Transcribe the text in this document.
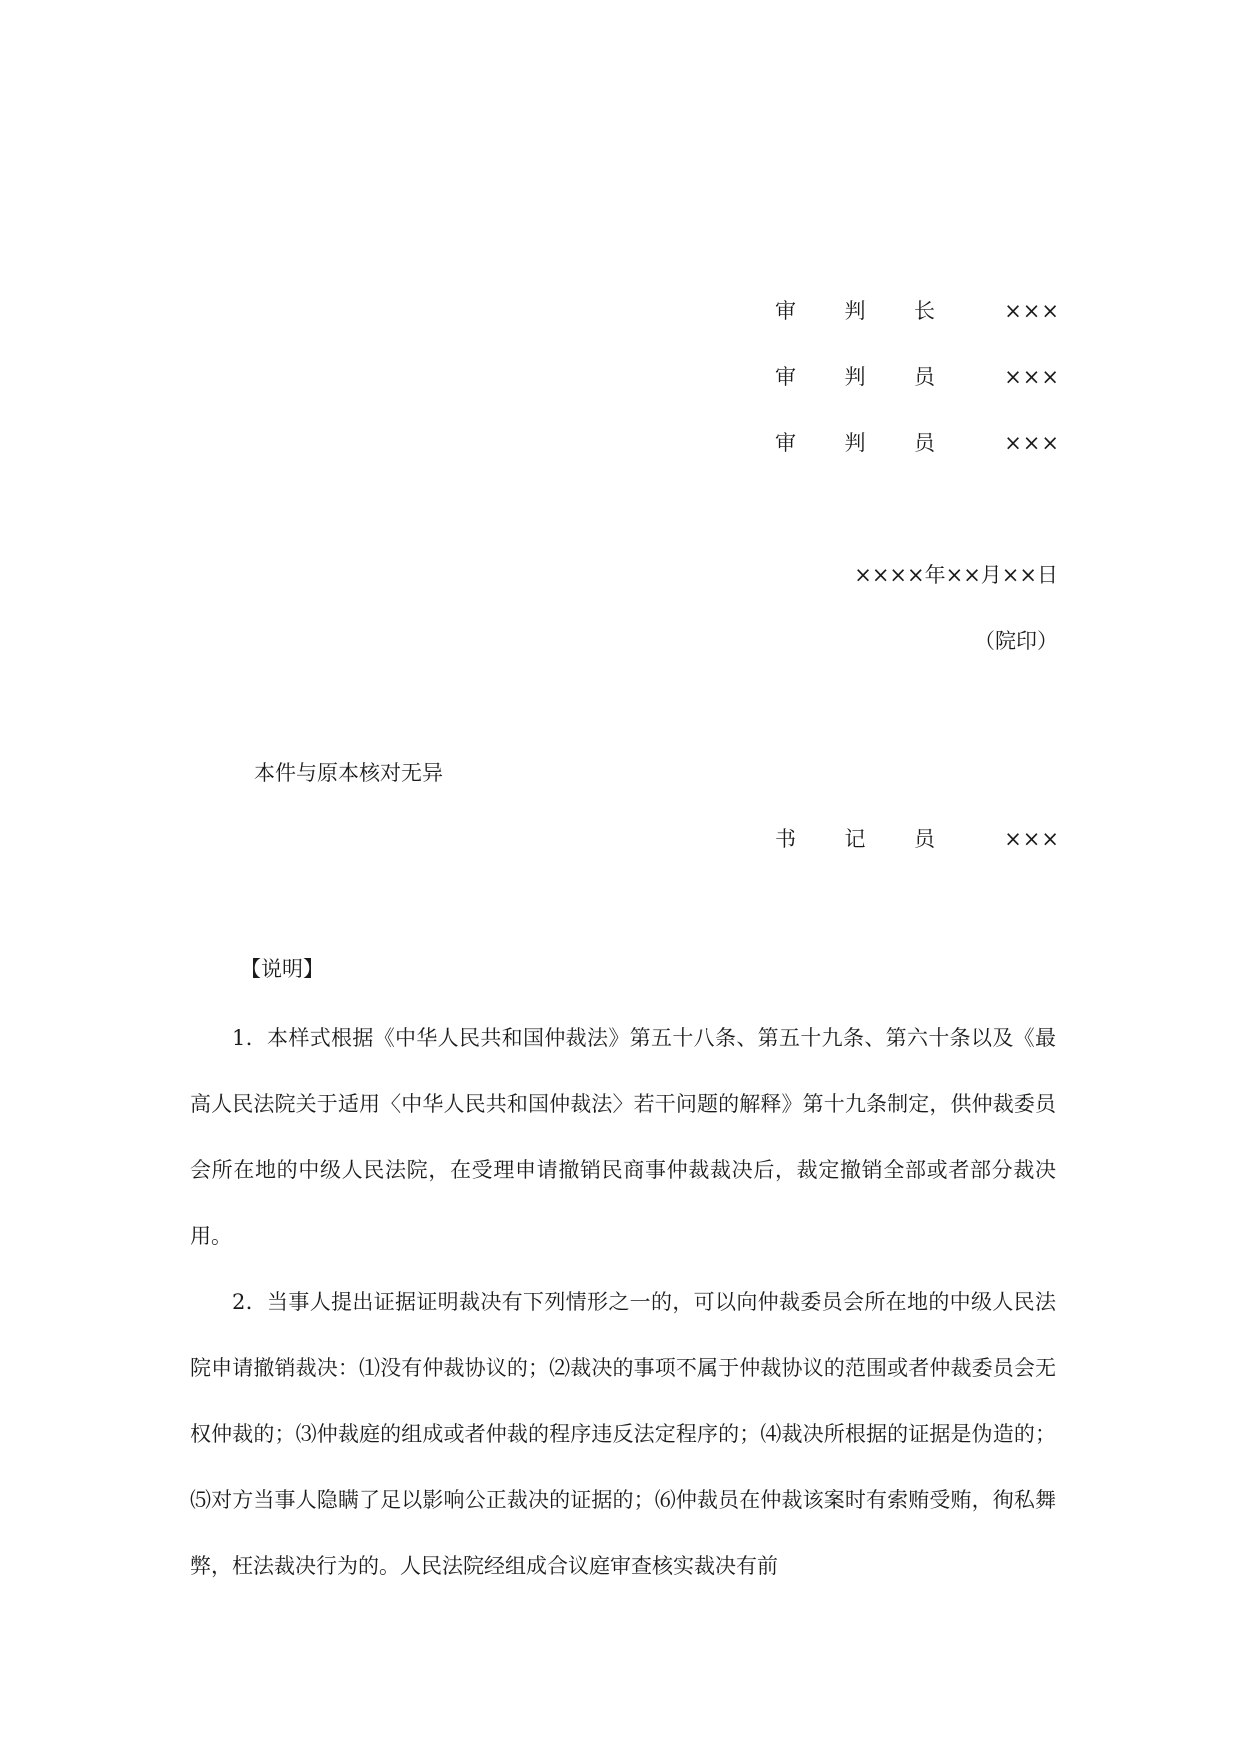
审 判 长	×××
审 判 员	×××
审 判 员	×××
××××年××月××日
（院印）
本件与原本核对无异
书 记 员	×××
【说明】

1．本样式根据《中华人民共和国仲裁法》第五十八条、第五十九条、第六十条以及《最高人民法院关于适用〈中华人民共和国仲裁法〉若干问题的解释》第十九条制定，供仲裁委员会所在地的中级人民法院，在受理申请撤销民商事仲裁裁决后，裁定撤销全部或者部分裁决用。

2．当事人提出证据证明裁决有下列情形之一的，可以向仲裁委员会所在地的中级人民法院申请撤销裁决：⑴没有仲裁协议的；⑵裁决的事项不属于仲裁协议的范围或者仲裁委员会无权仲裁的；⑶仲裁庭的组成或者仲裁的程序违反法定程序的；⑷裁决所根据的证据是伪造的；⑸对方当事人隐瞒了足以影响公正裁决的证据的；⑹仲裁员在仲裁该案时有索贿受贿，徇私舞弊，枉法裁决行为的。人民法院经组成合议庭审查核实裁决有前
